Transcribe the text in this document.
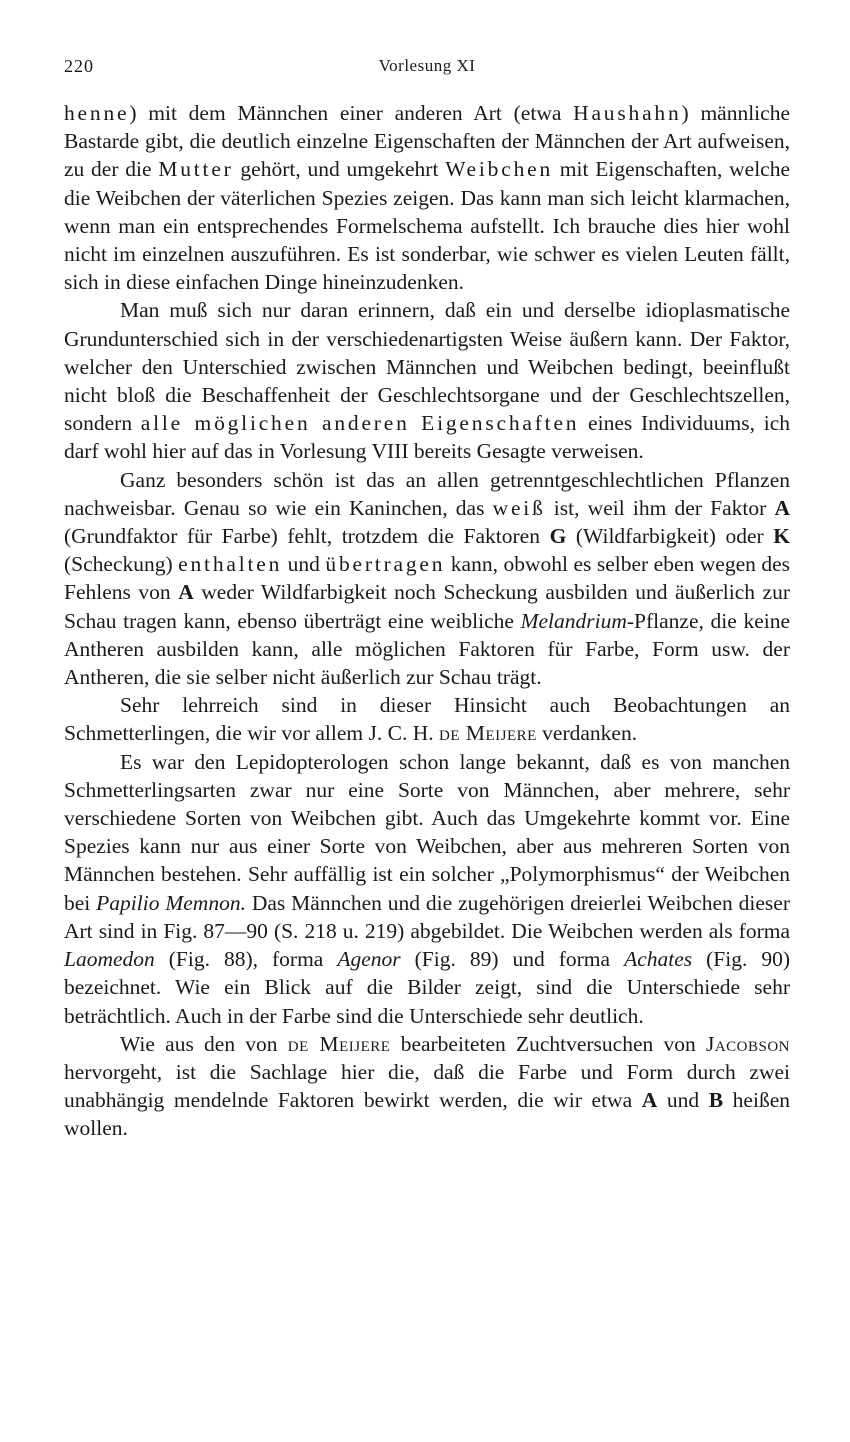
220	Vorlesung XI

henne) mit dem Männchen einer anderen Art (etwa Haushahn) männliche Bastarde gibt, die deutlich einzelne Eigenschaften der Männchen der Art aufweisen, zu der die Mutter gehört, und umgekehrt Weibchen mit Eigenschaften, welche die Weibchen der väterlichen Spezies zeigen. Das kann man sich leicht klarmachen, wenn man ein entsprechendes Formelschema aufstellt. Ich brauche dies hier wohl nicht im einzelnen auszuführen. Es ist sonderbar, wie schwer es vielen Leuten fällt, sich in diese einfachen Dinge hineinzudenken.

Man muß sich nur daran erinnern, daß ein und derselbe idioplasmatische Grundunterschied sich in der verschiedenartigsten Weise äußern kann. Der Faktor, welcher den Unterschied zwischen Männchen und Weibchen bedingt, beeinflußt nicht bloß die Beschaffenheit der Geschlechtsorgane und der Geschlechtszellen, sondern alle möglichen anderen Eigenschaften eines Individuums, ich darf wohl hier auf das in Vorlesung VIII bereits Gesagte verweisen.

Ganz besonders schön ist das an allen getrenntgeschlechtlichen Pflanzen nachweisbar. Genau so wie ein Kaninchen, das weiß ist, weil ihm der Faktor A (Grundfaktor für Farbe) fehlt, trotzdem die Faktoren G (Wildfarbigkeit) oder K (Scheckung) enthalten und übertragen kann, obwohl es selber eben wegen des Fehlens von A weder Wildfarbigkeit noch Scheckung ausbilden und äußerlich zur Schau tragen kann, ebenso überträgt eine weibliche Melandrium-Pflanze, die keine Antheren ausbilden kann, alle möglichen Faktoren für Farbe, Form usw. der Antheren, die sie selber nicht äußerlich zur Schau trägt.

Sehr lehrreich sind in dieser Hinsicht auch Beobachtungen an Schmetterlingen, die wir vor allem J. C. H. de Meijere verdanken.

Es war den Lepidopterologen schon lange bekannt, daß es von manchen Schmetterlingsarten zwar nur eine Sorte von Männchen, aber mehrere, sehr verschiedene Sorten von Weibchen gibt. Auch das Umgekehrte kommt vor. Eine Spezies kann nur aus einer Sorte von Weibchen, aber aus mehreren Sorten von Männchen bestehen. Sehr auffällig ist ein solcher „Polymorphismus“ der Weibchen bei Papilio Memnon. Das Männchen und die zugehörigen dreierlei Weibchen dieser Art sind in Fig. 87—90 (S. 218 u. 219) abgebildet. Die Weibchen werden als forma Laomedon (Fig. 88), forma Agenor (Fig. 89) und forma Achates (Fig. 90) bezeichnet. Wie ein Blick auf die Bilder zeigt, sind die Unterschiede sehr beträchtlich. Auch in der Farbe sind die Unterschiede sehr deutlich.

Wie aus den von de Meijere bearbeiteten Zuchtversuchen von Jacobson hervorgeht, ist die Sachlage hier die, daß die Farbe und Form durch zwei unabhängig mendelnde Faktoren bewirkt werden, die wir etwa A und B heißen wollen.
